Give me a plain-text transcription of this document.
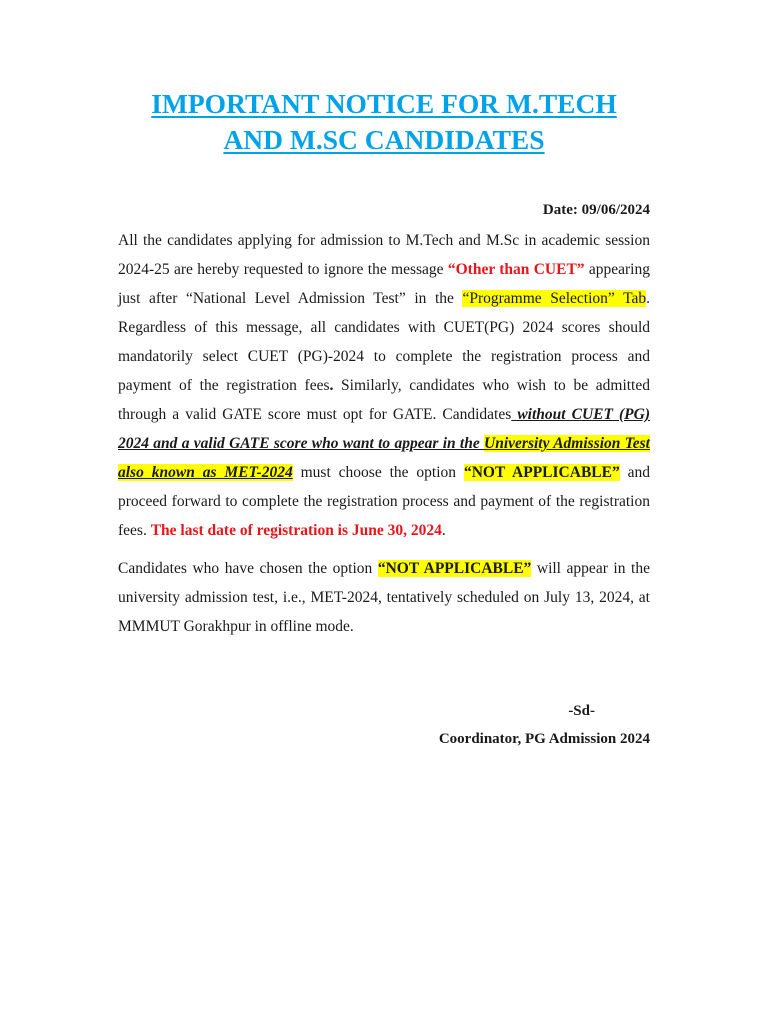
IMPORTANT NOTICE FOR M.TECH
AND M.SC CANDIDATES
Date: 09/06/2024

All the candidates applying for admission to M.Tech and M.Sc in academic session 2024-25 are hereby requested to ignore the message “Other than CUET” appearing just after “National Level Admission Test” in the “Programme Selection” Tab. Regardless of this message, all candidates with CUET(PG) 2024 scores should mandatorily select CUET (PG)-2024 to complete the registration process and payment of the registration fees. Similarly, candidates who wish to be admitted through a valid GATE score must opt for GATE. Candidates without CUET (PG) 2024 and a valid GATE score who want to appear in the University Admission Test also known as MET-2024 must choose the option “NOT APPLICABLE” and proceed forward to complete the registration process and payment of the registration fees. The last date of registration is June 30, 2024.

Candidates who have chosen the option “NOT APPLICABLE” will appear in the university admission test, i.e., MET-2024, tentatively scheduled on July 13, 2024, at MMMUT Gorakhpur in offline mode.

-Sd-
Coordinator, PG Admission 2024
